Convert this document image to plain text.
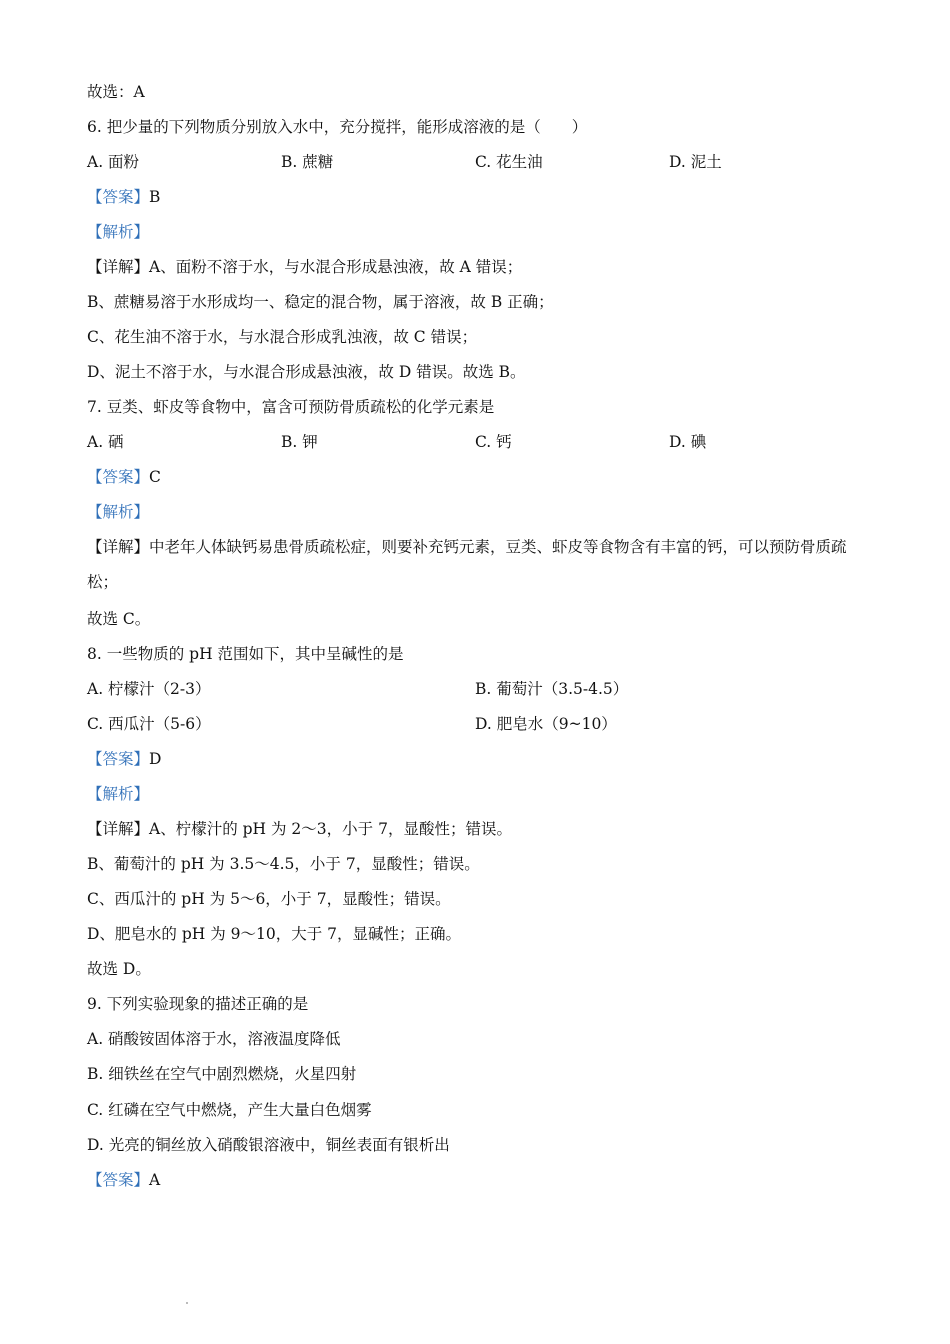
故选：A
6. 把少量的下列物质分别放入水中，充分搅拌，能形成溶液的是（　　）
A. 面粉	B. 蔗糖	C. 花生油	D. 泥土
【答案】B
【解析】
【详解】A、面粉不溶于水，与水混合形成悬浊液，故 A 错误；
B、蔗糖易溶于水形成均一、稳定的混合物，属于溶液，故 B 正确；
C、花生油不溶于水，与水混合形成乳浊液，故 C 错误；
D、泥土不溶于水，与水混合形成悬浊液，故 D 错误。故选 B。
7. 豆类、虾皮等食物中，富含可预防骨质疏松的化学元素是
A. 硒	B. 钾	C. 钙	D. 碘
【答案】C
【解析】
【详解】中老年人体缺钙易患骨质疏松症，则要补充钙元素，豆类、虾皮等食物含有丰富的钙，可以预防骨质疏松；
故选 C。
8. 一些物质的 pH 范围如下，其中呈碱性的是
A. 柠檬汁（2-3）	B. 葡萄汁（3.5-4.5）
C. 西瓜汁（5-6）	D. 肥皂水（9~10）
【答案】D
【解析】
【详解】A、柠檬汁的 pH 为 2～3，小于 7，显酸性；错误。
B、葡萄汁的 pH 为 3.5～4.5，小于 7，显酸性；错误。
C、西瓜汁的 pH 为 5～6，小于 7，显酸性；错误。
D、肥皂水的 pH 为 9～10，大于 7，显碱性；正确。
故选 D。
9. 下列实验现象的描述正确的是
A. 硝酸铵固体溶于水，溶液温度降低
B. 细铁丝在空气中剧烈燃烧，火星四射
C. 红磷在空气中燃烧，产生大量白色烟雾
D. 光亮的铜丝放入硝酸银溶液中，铜丝表面有银析出
【答案】A
